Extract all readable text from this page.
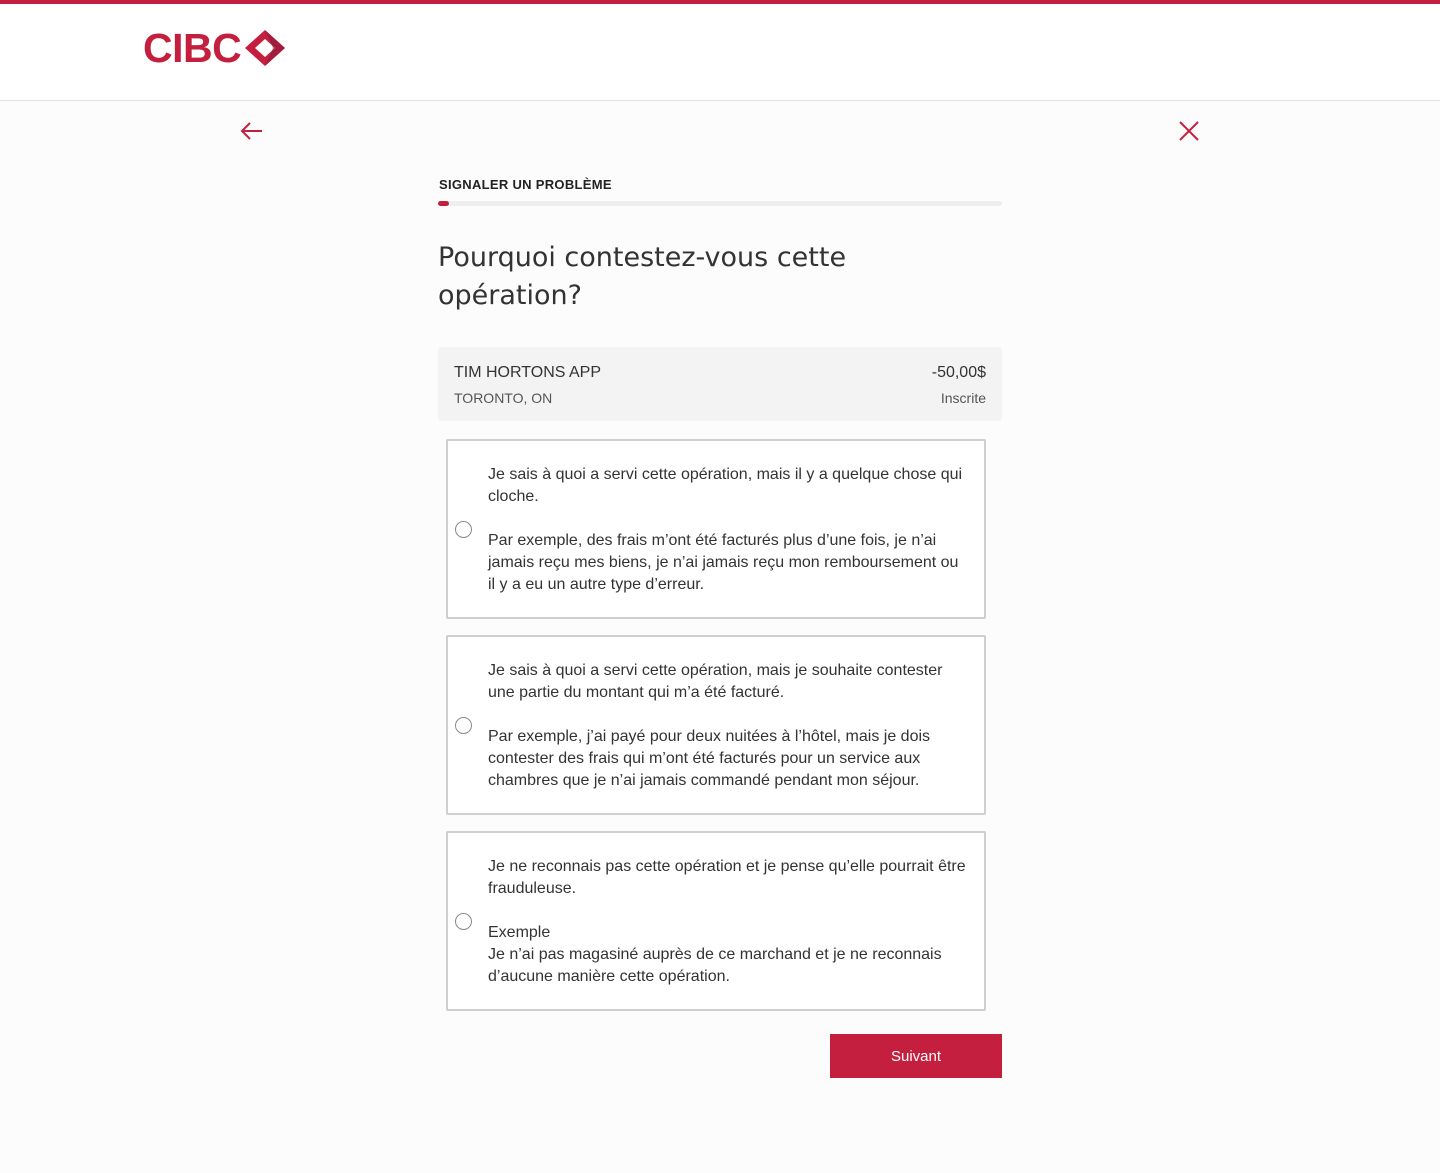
CIBC
SIGNALER UN PROBLÈME
Pourquoi contestez-vous cette opération?
TIM HORTONS APP
TORONTO, ON
-50,00$
Inscrite

Je sais à quoi a servi cette opération, mais il y a quelque chose qui cloche.

Par exemple, des frais m’ont été facturés plus d’une fois, je n’ai jamais reçu mes biens, je n’ai jamais reçu mon remboursement ou il y a eu un autre type d’erreur.

Je sais à quoi a servi cette opération, mais je souhaite contester une partie du montant qui m’a été facturé.

Par exemple, j’ai payé pour deux nuitées à l’hôtel, mais je dois contester des frais qui m’ont été facturés pour un service aux chambres que je n’ai jamais commandé pendant mon séjour.

Je ne reconnais pas cette opération et je pense qu’elle pourrait être frauduleuse.

Exemple
Je n’ai pas magasiné auprès de ce marchand et je ne reconnais d’aucune manière cette opération.

Suivant
